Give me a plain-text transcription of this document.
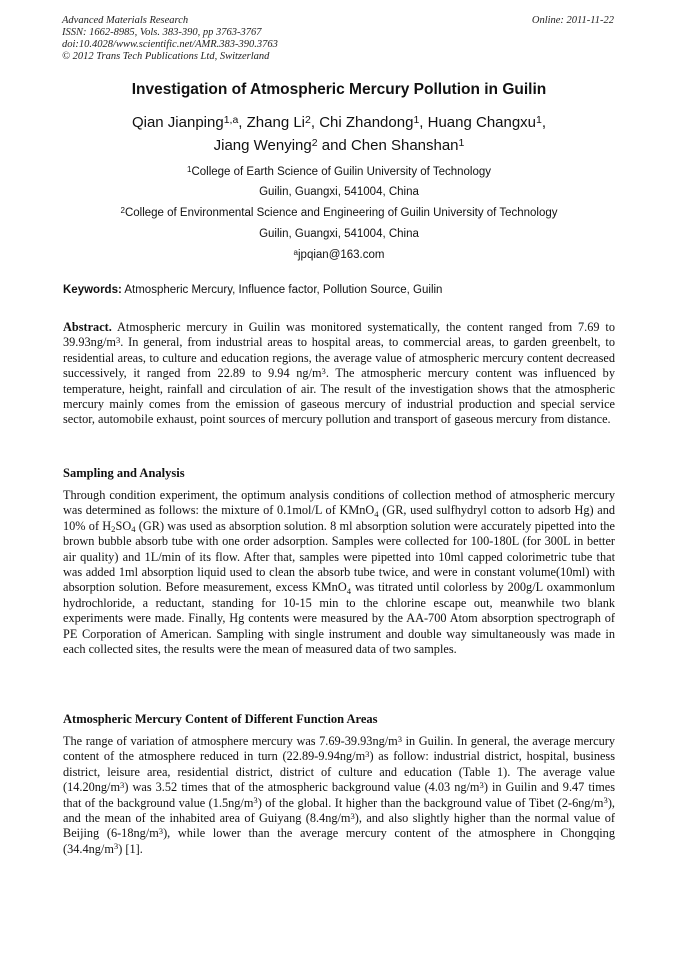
Advanced Materials Research
ISSN: 1662-8985, Vols. 383-390, pp 3763-3767
doi:10.4028/www.scientific.net/AMR.383-390.3763
© 2012 Trans Tech Publications Ltd, Switzerland
Online: 2011-11-22
Investigation of Atmospheric Mercury Pollution in Guilin
Qian Jianping$^{1,a}$, Zhang Li$^2$, Chi Zhandong$^1$, Huang Changxu$^1$,
Jiang Wenying$^2$ and Chen Shanshan$^1$
$^1$College of Earth Science of Guilin University of Technology
Guilin, Guangxi, 541004, China
$^2$College of Environmental Science and Engineering of Guilin University of Technology
Guilin, Guangxi, 541004, China
$^a$jpqian@163.com
Keywords: Atmospheric Mercury, Influence factor, Pollution Source, Guilin
Abstract. Atmospheric mercury in Guilin was monitored systematically, the content ranged from 7.69 to $39.93ng/m^3$. In general, from industrial areas to hospital areas, to commercial areas, to garden greenbelt, to residential areas, to culture and education regions, the average value of atmospheric mercury content decreased successively, it ranged from 22.89 to 9.94 $ng/m^3$. The atmospheric mercury content was influenced by temperature, height, rainfall and circulation of air. The result of the investigation shows that the atmospheric mercury mainly comes from the emission of gaseous mercury of industrial production and special service sector, automobile exhaust, point sources of mercury pollution and transport of gaseous mercury from distance.
Sampling and Analysis
Through condition experiment, the optimum analysis conditions of collection method of atmospheric mercury was determined as follows: the mixture of 0.1mol/L of KMnO$_4$ (GR, used sulfhydryl cotton to adsorb Hg) and 10% of $H_2SO_4$ (GR) was used as absorption solution. 8 ml absorption solution were accurately pipetted into the brown bubble absorb tube with one order adsorption. Samples were collected for 100-180L (for 300L in better air quality) and 1L/min of its flow. After that, samples were pipetted into 10ml capped colorimetric tube that was added 1ml absorption liquid used to clean the absorb tube twice, and were in constant volume(10ml) with absorption solution. Before measurement, excess KMnO$_4$ was titrated until colorless by 200g/L oxammonlum hydrochloride, a reductant, standing for 10-15 min to the chlorine escape out, meanwhile two blank experiments were made. Finally, Hg contents were measured by the AA-700 Atom absorption spectrograph of PE Corporation of American. Sampling with single instrument and double way simultaneously was made in each collected sites, the results were the mean of measured data of two samples.
Atmospheric Mercury Content of Different Function Areas
The range of variation of atmosphere mercury was $7.69-39.93ng/m^3$ in Guilin. In general, the average mercury content of the atmosphere reduced in turn $(22.89-9.94ng/m^3)$ as follow: industrial district, hospital, business district, leisure area, residential district, district of culture and education (Table 1). The average value $(14.20ng/m^3)$ was 3.52 times that of the atmospheric background value (4.03 $ng/m^3$) in Guilin and 9.47 times that of the background value $(1.5ng/m^3)$ of the global. It higher than the background value of Tibet $(2-6ng/m^3)$, and the mean of the inhabited area of Guiyang $(8.4ng/m^3)$, and also slightly higher than the normal value of Beijing $(6-18ng/m^3)$, while lower than the average mercury content of the atmosphere in Chongqing $(34.4ng/m^3)$ [1].
